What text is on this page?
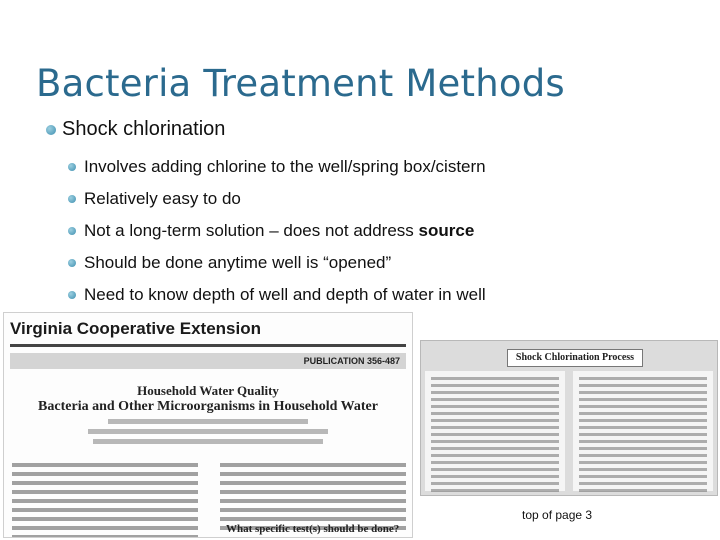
Bacteria Treatment Methods
Shock chlorination
Involves adding chlorine to the well/spring box/cistern
Relatively easy to do
Not a long-term solution – does not address source
Should be done anytime well is “opened”
Need to know depth of well and depth of water in well
Virginia Cooperative Extension
PUBLICATION 356-487
Household Water Quality
Bacteria and Other Microorganisms in Household Water
What specific test(s) should be done?
Shock Chlorination Process
top of page 3
